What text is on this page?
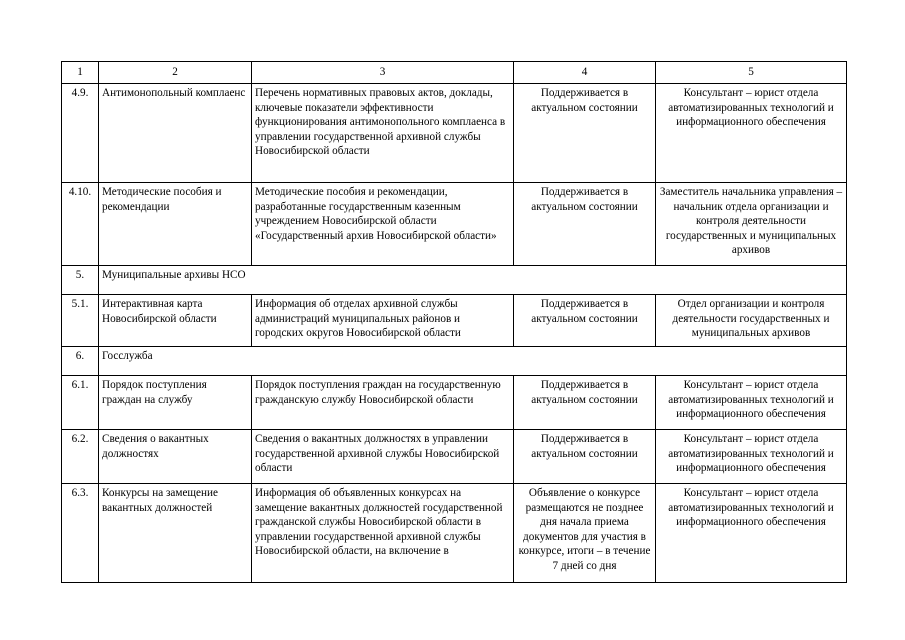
1	2	3	4	5
4.9.	Антимонопольный комплаенс	Перечень нормативных правовых актов, доклады, ключевые показатели эффективности функционирования антимонопольного комплаенса в управлении государственной архивной службы Новосибирской области	Поддерживается в актуальном состоянии	Консультант – юрист отдела автоматизированных технологий и информационного обеспечения
4.10.	Методические пособия и рекомендации	Методические пособия и рекомендации, разработанные государственным казенным учреждением Новосибирской области «Государственный архив Новосибирской области»	Поддерживается в актуальном состоянии	Заместитель начальника управления – начальник отдела организации и контроля деятельности государственных и муниципальных архивов
5.	Муниципальные архивы НСО			
5.1.	Интерактивная карта Новосибирской области	Информация об отделах архивной службы администраций муниципальных районов и городских округов Новосибирской области	Поддерживается в актуальном состоянии	Отдел организации и контроля деятельности государственных и муниципальных архивов
6.	Госслужба			
6.1.	Порядок поступления граждан на службу	Порядок поступления граждан на государственную гражданскую службу Новосибирской области	Поддерживается в актуальном состоянии	Консультант – юрист отдела автоматизированных технологий и информационного обеспечения
6.2.	Сведения о вакантных должностях	Сведения о вакантных должностях в управлении государственной архивной службы Новосибирской области	Поддерживается в актуальном состоянии	Консультант – юрист отдела автоматизированных технологий и информационного обеспечения
6.3.	Конкурсы на замещение вакантных должностей	Информация об объявленных конкурсах на замещение вакантных должностей государственной гражданской службы Новосибирской области в управлении государственной архивной службы Новосибирской области, на включение в	Объявление о конкурсе размещаются не позднее дня начала приема документов для участия в конкурсе, итоги – в течение 7 дней со дня	Консультант – юрист отдела автоматизированных технологий и информационного обеспечения
